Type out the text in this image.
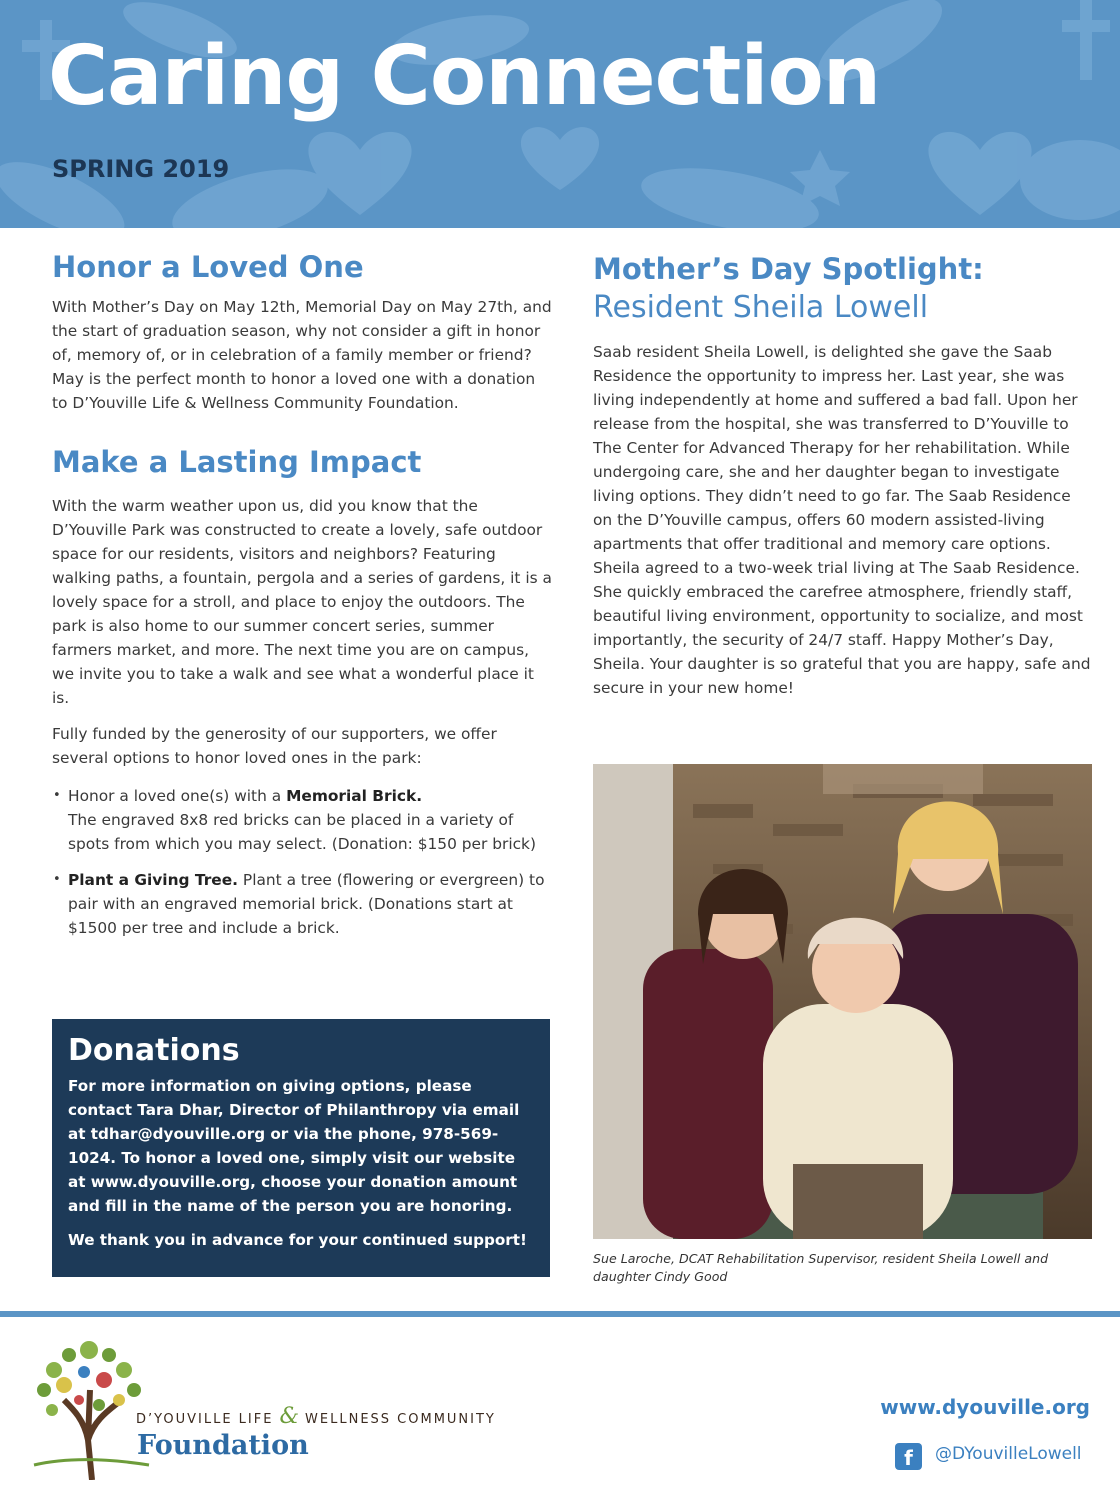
Caring Connection
SPRING 2019
Honor a Loved One

With Mother’s Day on May 12th, Memorial Day on May 27th, and the start of graduation season, why not consider a gift in honor of, memory of, or in celebration of a family member or friend? May is the perfect month to honor a loved one with a donation to D’Youville Life & Wellness Community Foundation.

Make a Lasting Impact

With the warm weather upon us, did you know that the D’Youville Park was constructed to create a lovely, safe outdoor space for our residents, visitors and neighbors? Featuring walking paths, a fountain, pergola and a series of gardens, it is a lovely space for a stroll, and place to enjoy the outdoors. The park is also home to our summer concert series, summer farmers market, and more. The next time you are on campus, we invite you to take a walk and see what a wonderful place it is.

Fully funded by the generosity of our supporters, we offer several options to honor loved ones in the park:

• Honor a loved one(s) with a Memorial Brick.
The engraved 8x8 red bricks can be placed in a variety of spots from which you may select. (Donation: $150 per brick)
• Plant a Giving Tree. Plant a tree (flowering or evergreen) to pair with an engraved memorial brick. (Donations start at $1500 per tree and include a brick.
Donations

For more information on giving options, please contact Tara Dhar, Director of Philanthropy via email at tdhar@dyouville.org or via the phone, 978-569-1024. To honor a loved one, simply visit our website at www.dyouville.org, choose your donation amount and fill in the name of the person you are honoring.

We thank you in advance for your continued support!

Mother’s Day Spotlight:
Resident Sheila Lowell

Saab resident Sheila Lowell, is delighted she gave the Saab Residence the opportunity to impress her. Last year, she was living independently at home and suffered a bad fall. Upon her release from the hospital, she was transferred to D’Youville to The Center for Advanced Therapy for her rehabilitation. While undergoing care, she and her daughter began to investigate living options. They didn’t need to go far. The Saab Residence on the D’Youville campus, offers 60 modern assisted-living apartments that offer traditional and memory care options. Sheila agreed to a two-week trial living at The Saab Residence. She quickly embraced the carefree atmosphere, friendly staff, beautiful living environment, opportunity to socialize, and most importantly, the security of 24/7 staff. Happy Mother’s Day, Sheila. Your daughter is so grateful that you are happy, safe and secure in your new home!

Sue Laroche, DCAT Rehabilitation Supervisor, resident Sheila Lowell and daughter Cindy Good
D’YOUVILLE LIFE & WELLNESS COMMUNITY
Foundation
www.dyouville.org
f	@DYouvilleLowell
